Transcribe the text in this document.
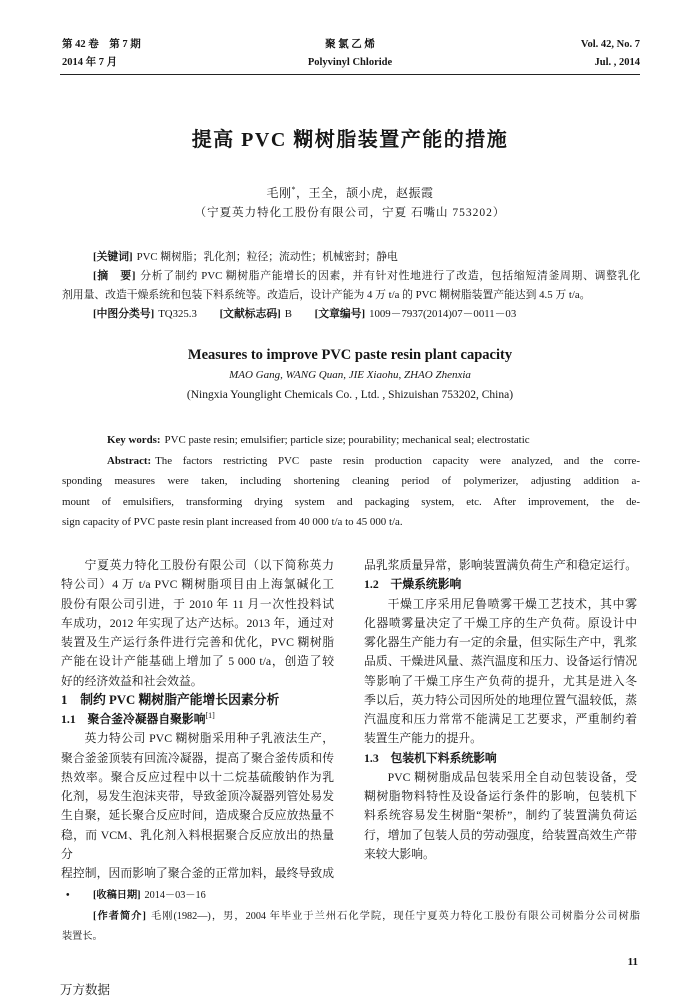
第 42 卷　第 7 期
2014 年 7 月
聚 氯 乙 烯
Polyvinyl Chloride
Vol. 42, No. 7
Jul. , 2014
提高 PVC 糊树脂装置产能的措施
毛刚*，王全，颉小虎，赵振霞
（宁夏英力特化工股份有限公司，宁夏 石嘴山 753202）
[关键词] PVC 糊树脂；乳化剂；粒径；流动性；机械密封；静电
[摘　要] 分析了制约 PVC 糊树脂产能增长的因素，并有针对性地进行了改造，包括缩短清釜周期、调整乳化
剂用量、改造干燥系统和包装下料系统等。改造后，设计产能为 4 万 t/a 的 PVC 糊树脂装置产能达到 4.5 万 t/a。
[中图分类号] TQ325.3 [文献标志码] B [文章编号] 1009－7937(2014)07－0011－03
Measures to improve PVC paste resin plant capacity
MAO Gang, WANG Quan, JIE Xiaohu, ZHAO Zhenxia
(Ningxia Younglight Chemicals Co. , Ltd. , Shizuishan 753202, China)
Key words: PVC paste resin; emulsifier; particle size; pourability; mechanical seal; electrostatic
Abstract: The factors restricting PVC paste resin production capacity were analyzed, and the corre-
sponding measures were taken, including shortening cleaning period of polymerizer, adjusting addition a-
mount of emulsifiers, transforming drying system and packaging system, etc. After improvement, the de-
sign capacity of PVC paste resin plant increased from 40 000 t/a to 45 000 t/a.
宁夏英力特化工股份有限公司（以下简称英力
特公司）4 万 t/a PVC 糊树脂项目由上海氯碱化工
股份有限公司引进，于 2010 年 11 月一次性投料试
车成功，2012 年实现了达产达标。2013 年，通过对
装置及生产运行条件进行完善和优化，PVC 糊树脂
产能在设计产能基础上增加了 5 000 t/a，创造了较
好的经济效益和社会效益。
1　制约 PVC 糊树脂产能增长因素分析
1.1　聚合釜冷凝器自聚影响[1]
英力特公司 PVC 糊树脂采用种子乳液法生产，
聚合釜釜顶装有回流冷凝器，提高了聚合釜传质和传
热效率。聚合反应过程中以十二烷基硫酸钠作为乳
化剂，易发生泡沫夹带，导致釜顶冷凝器列管处易发
生自聚，延长聚合反应时间，造成聚合反应放热量不
稳，而 VCM、乳化剂入料根据聚合反应放出的热量分
程控制，因而影响了聚合釜的正常加料，最终导致成
品乳浆质量异常，影响装置满负荷生产和稳定运行。
1.2　干燥系统影响
干燥工序采用尼鲁喷雾干燥工艺技术，其中雾
化器喷雾量决定了干燥工序的生产负荷。原设计中
雾化器生产能力有一定的余量，但实际生产中，乳浆
品质、干燥进风量、蒸汽温度和压力、设备运行情况
等影响了干燥工序生产负荷的提升，尤其是进入冬
季以后，英力特公司因所处的地理位置气温较低，蒸
汽温度和压力常常不能满足工艺要求，严重制约着
装置生产能力的提升。
1.3　包装机下料系统影响
PVC 糊树脂成品包装采用全自动包装设备，受
糊树脂物料特性及设备运行条件的影响，包装机下
料系统容易发生树脂“架桥”，制约了装置满负荷运
行，增加了包装人员的劳动强度，给装置高效生产带
来较大影响。
• [收稿日期] 2014－03－16
[作者简介] 毛刚(1982—)，男，2004 年毕业于兰州石化学院，现任宁夏英力特化工股份有限公司树脂分公司树脂
装置长。
11
万方数据
